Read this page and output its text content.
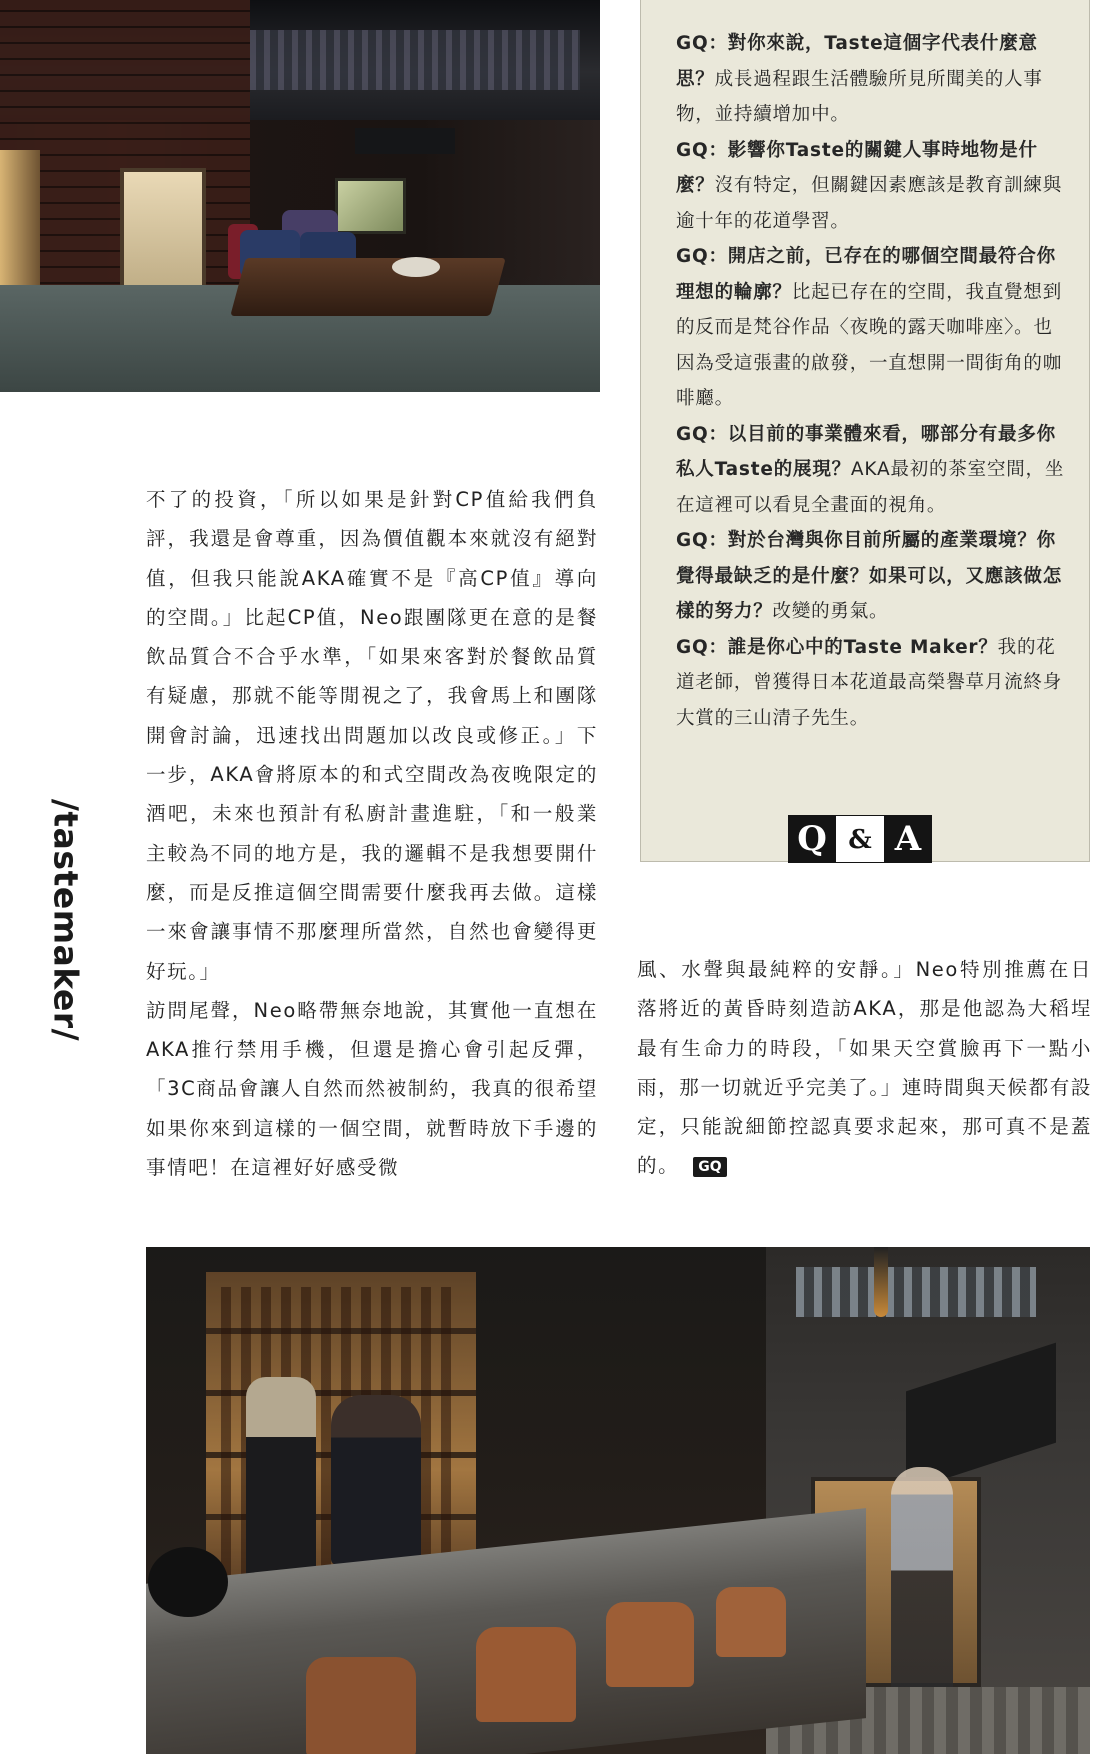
GQ：對你來說，Taste這個字代表什麼意思？成長過程跟生活體驗所見所聞美的人事物，並持續增加中。
GQ：影響你Taste的關鍵人事時地物是什麼？沒有特定，但關鍵因素應該是教育訓練與逾十年的花道學習。
GQ：開店之前，已存在的哪個空間最符合你理想的輪廓？比起已存在的空間，我直覺想到的反而是梵谷作品〈夜晚的露天咖啡座〉。也因為受這張畫的啟發，一直想開一間街角的咖啡廳。
GQ：以目前的事業體來看，哪部分有最多你私人Taste的展現？AKA最初的茶室空間，坐在這裡可以看見全畫面的視角。
GQ：對於台灣與你目前所屬的產業環境？你覺得最缺乏的是什麼？如果可以，又應該做怎樣的努力？改變的勇氣。
GQ：誰是你心中的Taste Maker？我的花道老師，曾獲得日本花道最高榮譽草月流終身大賞的三山清子先生。
Q & A
/tastemaker/
不了的投資，「所以如果是針對CP值給我們負評，我還是會尊重，因為價值觀本來就沒有絕對值，但我只能說AKA確實不是『高CP值』導向的空間。」比起CP值，Neo跟團隊更在意的是餐飲品質合不合乎水準，「如果來客對於餐飲品質有疑慮，那就不能等閒視之了，我會馬上和團隊開會討論，迅速找出問題加以改良或修正。」下一步，AKA會將原本的和式空間改為夜晚限定的酒吧，未來也預計有私廚計畫進駐，「和一般業主較為不同的地方是，我的邏輯不是我想要開什麼，而是反推這個空間需要什麼我再去做。這樣一來會讓事情不那麼理所當然，自然也會變得更好玩。」
訪問尾聲，Neo略帶無奈地說，其實他一直想在AKA推行禁用手機，但還是擔心會引起反彈，「3C商品會讓人自然而然被制約，我真的很希望如果你來到這樣的一個空間，就暫時放下手邊的事情吧！在這裡好好感受微
風、水聲與最純粹的安靜。」Neo特別推薦在日落將近的黃昏時刻造訪AKA，那是他認為大稻埕最有生命力的時段，「如果天空賞臉再下一點小雨，那一切就近乎完美了。」連時間與天候都有設定，只能說細節控認真要求起來，那可真不是蓋的。 GQ
